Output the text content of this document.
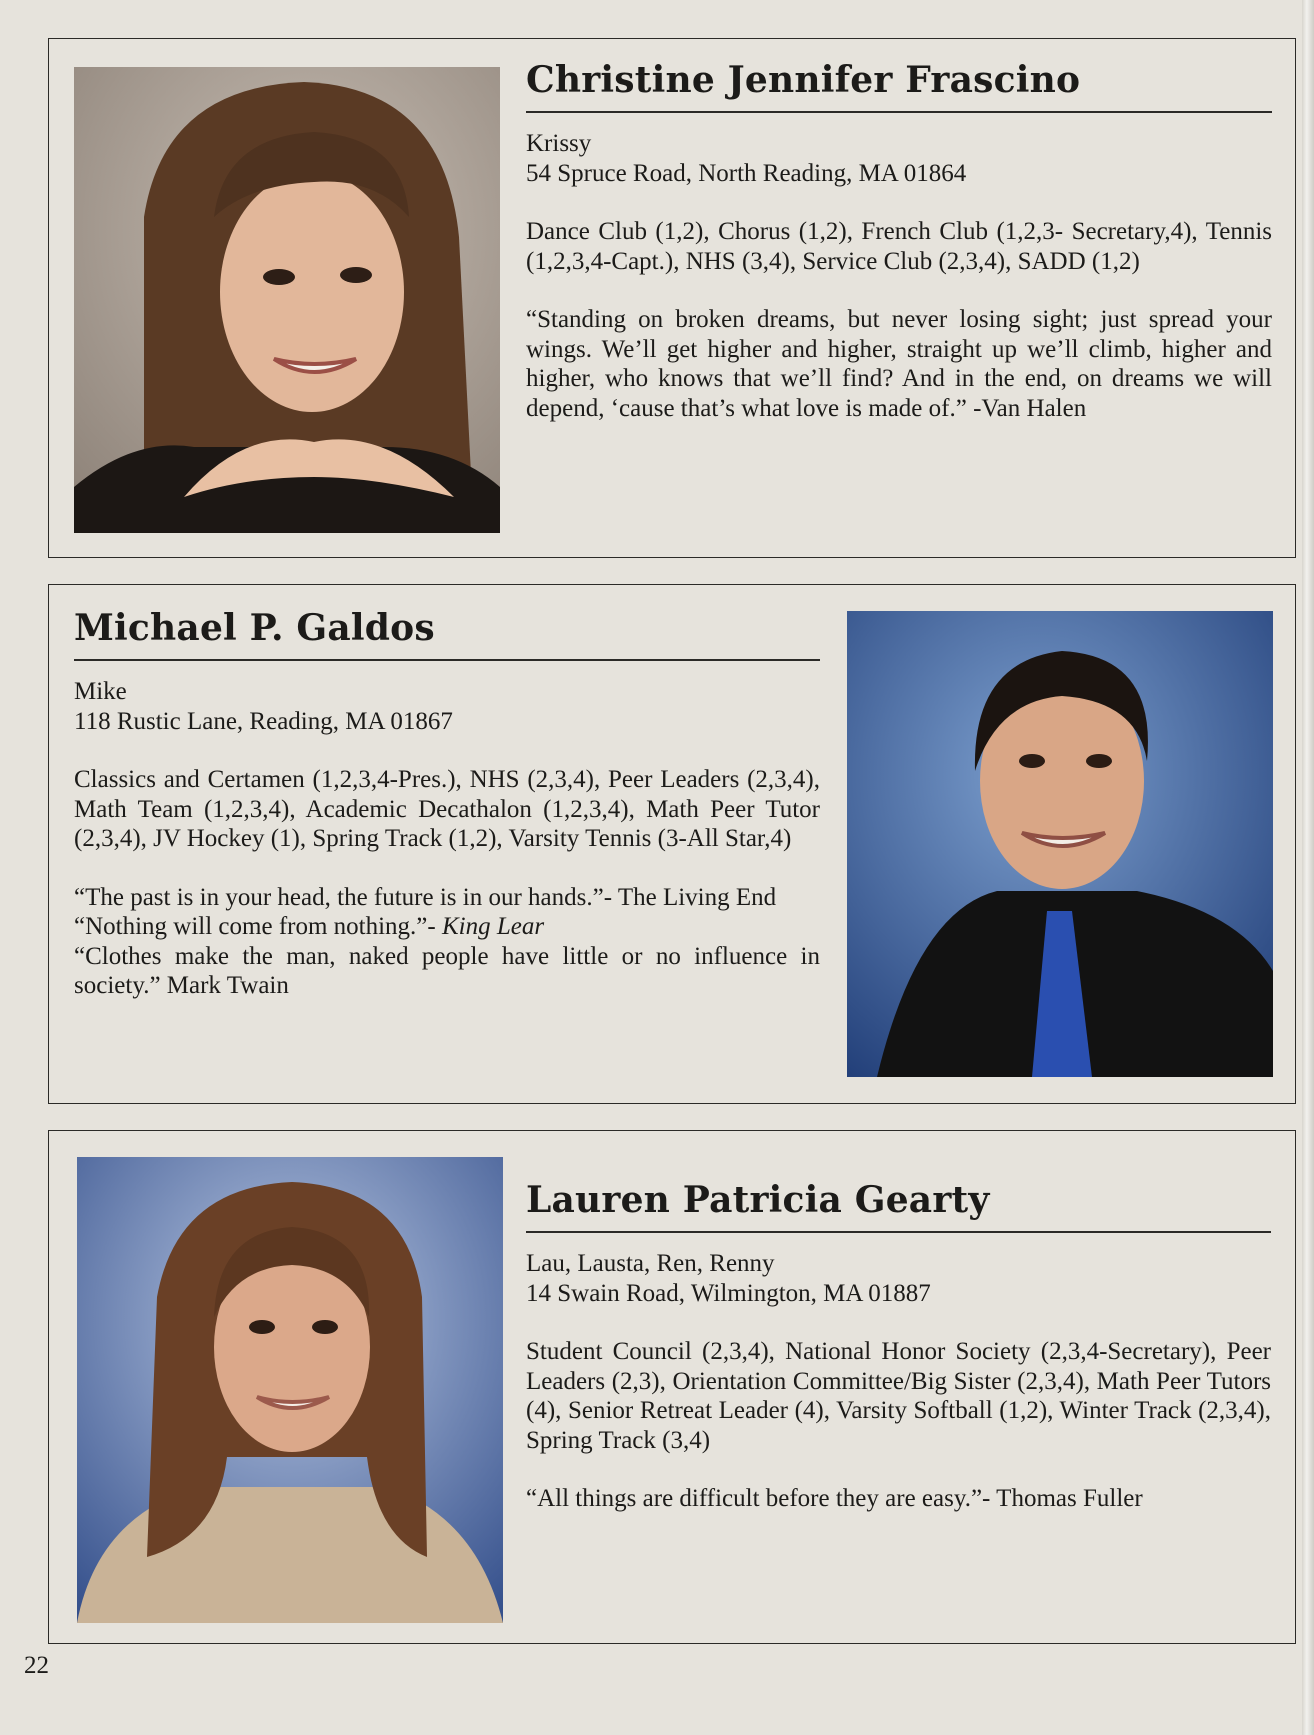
Christine Jennifer Frascino

Krissy

54 Spruce Road, North Reading, MA 01864

Dance Club (1,2), Chorus (1,2), French Club (1,2,3- Secretary,4), Tennis (1,2,3,4-Capt.), NHS (3,4), Service Club (2,3,4), SADD (1,2)

“Standing on broken dreams, but never losing sight; just spread your wings. We’ll get higher and higher, straight up we’ll climb, higher and higher, who knows that we’ll find? And in the end, on dreams we will depend, ‘cause that’s what love is made of.” -Van Halen

Michael P. Galdos

Mike

118 Rustic Lane, Reading, MA 01867

Classics and Certamen (1,2,3,4-Pres.), NHS (2,3,4), Peer Leaders (2,3,4), Math Team (1,2,3,4), Academic Decathalon (1,2,3,4), Math Peer Tutor (2,3,4), JV Hockey (1), Spring Track (1,2), Varsity Tennis (3-All Star,4)

“The past is in your head, the future is in our hands.”- The Living End

“Nothing will come from nothing.”- King Lear

“Clothes make the man, naked people have little or no influence in society.” Mark Twain

Lauren Patricia Gearty

Lau, Lausta, Ren, Renny

14 Swain Road, Wilmington, MA 01887

Student Council (2,3,4), National Honor Society (2,3,4-Secretary), Peer Leaders (2,3), Orientation Committee/Big Sister (2,3,4), Math Peer Tutors (4), Senior Retreat Leader (4), Varsity Softball (1,2), Winter Track (2,3,4), Spring Track (3,4)

“All things are difficult before they are easy.”- Thomas Fuller

22
